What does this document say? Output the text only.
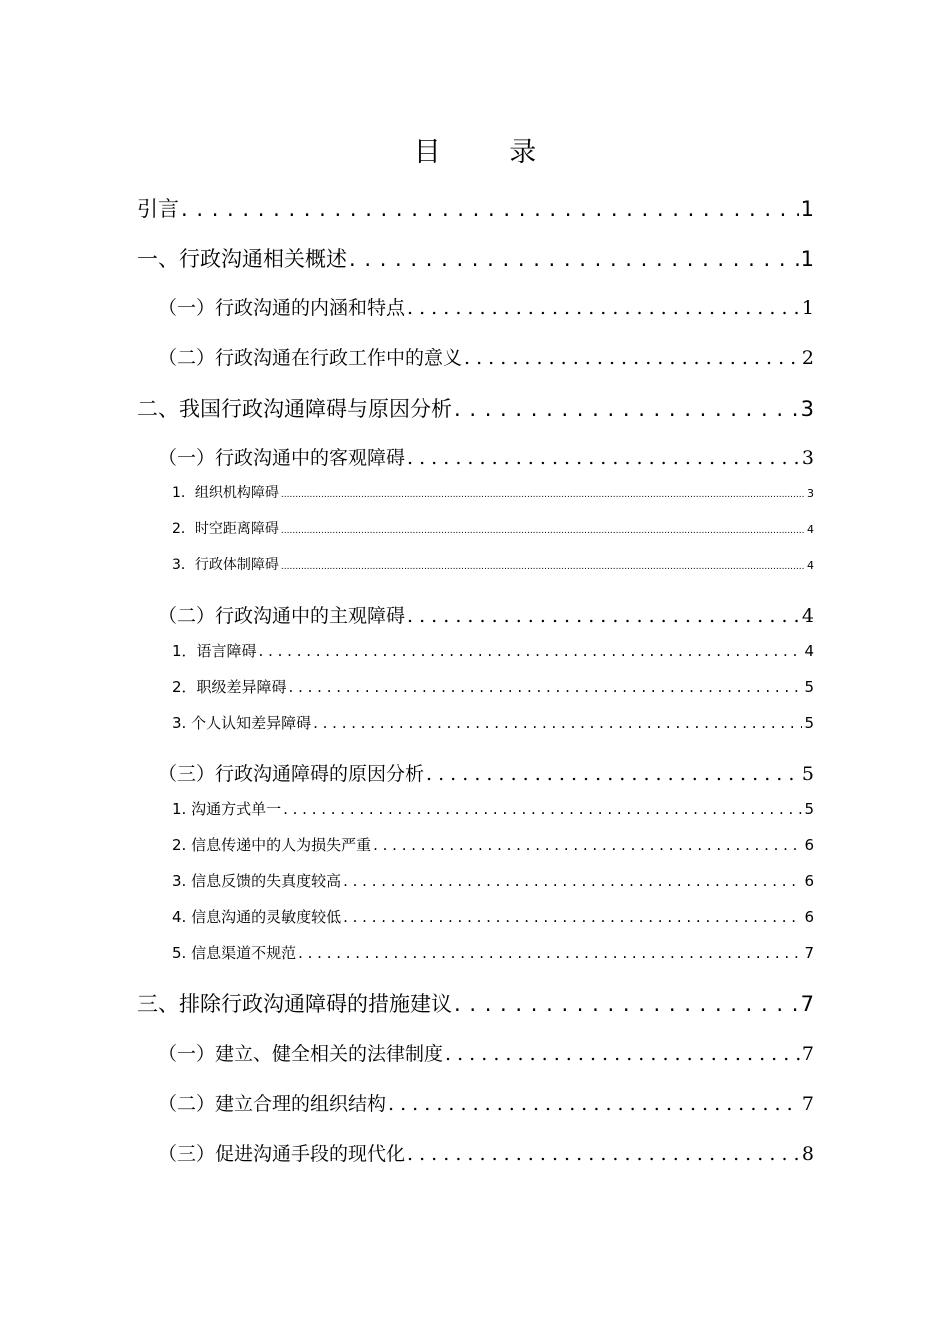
目 录
引言 . . .	1
一、行政沟通相关概述 . . .	1
（一）行政沟通的内涵和特点 . . .	1
（二）行政沟通在行政工作中的意义 . . .	2
二、我国行政沟通障碍与原因分析 . . .	3
（一）行政沟通中的客观障碍 . . .	3
1．组织机构障碍 .....	3
2．时空距离障碍 .....	4
3．行政体制障碍 .....	4
（二）行政沟通中的主观障碍 . . .	4
1．语言障碍 . . .	4
2．职级差异障碍 . . .	5
3. 个人认知差异障碍 . . .	5
（三）行政沟通障碍的原因分析 . . .	5
1. 沟通方式单一 . . .	5
2. 信息传递中的人为损失严重 . . .	6
3. 信息反馈的失真度较高 . . .	6
4. 信息沟通的灵敏度较低 . . .	6
5. 信息渠道不规范 . . .	7
三、排除行政沟通障碍的措施建议 . . .	7
（一）建立、健全相关的法律制度 . . .	7
（二）建立合理的组织结构 . . .	7
（三）促进沟通手段的现代化 . . .	8
